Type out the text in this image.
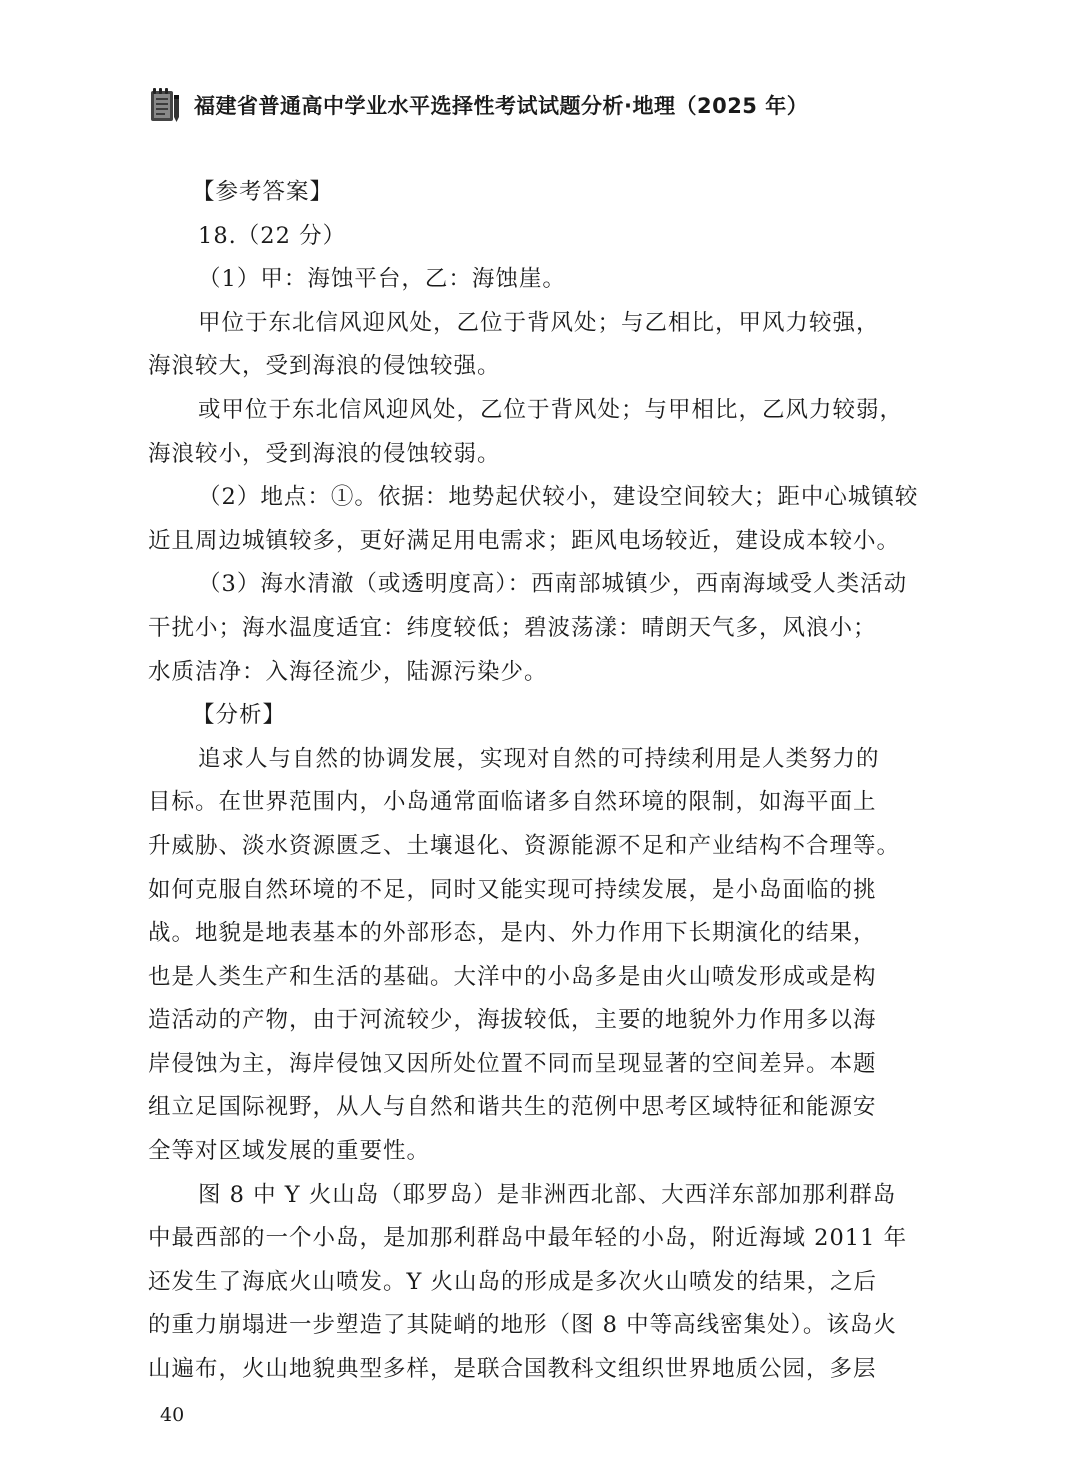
福建省普通高中学业水平选择性考试试题分析·地理（2025 年）
【参考答案】
18.（22 分）
（1）甲：海蚀平台，乙：海蚀崖。
甲位于东北信风迎风处，乙位于背风处；与乙相比，甲风力较强，
海浪较大，受到海浪的侵蚀较强。
或甲位于东北信风迎风处，乙位于背风处；与甲相比，乙风力较弱，
海浪较小，受到海浪的侵蚀较弱。
（2）地点：①。依据：地势起伏较小，建设空间较大；距中心城镇较
近且周边城镇较多，更好满足用电需求；距风电场较近，建设成本较小。
（3）海水清澈（或透明度高）：西南部城镇少，西南海域受人类活动
干扰小；海水温度适宜：纬度较低；碧波荡漾：晴朗天气多，风浪小；
水质洁净：入海径流少，陆源污染少。
【分析】
追求人与自然的协调发展，实现对自然的可持续利用是人类努力的
目标。在世界范围内，小岛通常面临诸多自然环境的限制，如海平面上
升威胁、淡水资源匮乏、土壤退化、资源能源不足和产业结构不合理等。
如何克服自然环境的不足，同时又能实现可持续发展，是小岛面临的挑
战。地貌是地表基本的外部形态，是内、外力作用下长期演化的结果，
也是人类生产和生活的基础。大洋中的小岛多是由火山喷发形成或是构
造活动的产物，由于河流较少，海拔较低，主要的地貌外力作用多以海
岸侵蚀为主，海岸侵蚀又因所处位置不同而呈现显著的空间差异。本题
组立足国际视野，从人与自然和谐共生的范例中思考区域特征和能源安
全等对区域发展的重要性。
图 8 中 Y 火山岛（耶罗岛）是非洲西北部、大西洋东部加那利群岛
中最西部的一个小岛，是加那利群岛中最年轻的小岛，附近海域 2011 年
还发生了海底火山喷发。Y 火山岛的形成是多次火山喷发的结果，之后
的重力崩塌进一步塑造了其陡峭的地形（图 8 中等高线密集处）。该岛火
山遍布，火山地貌典型多样，是联合国教科文组织世界地质公园，多层
40
